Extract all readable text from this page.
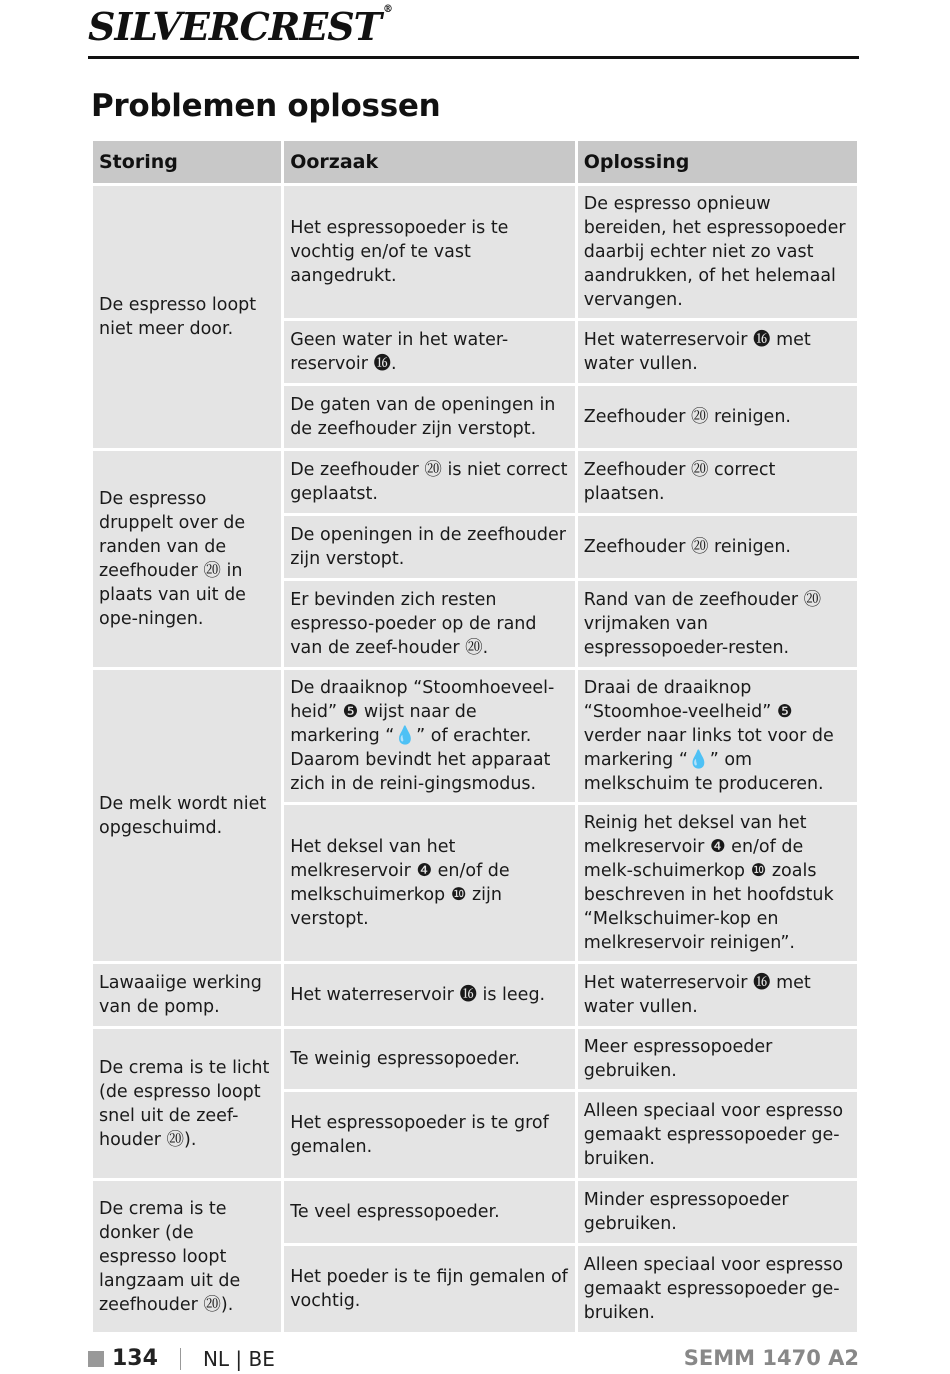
SILVERCREST ®
Problemen oplossen
Storing	Oorzaak	Oplossing
De espresso loopt niet meer door.	Het espressopoeder is te vochtig en/of te vast aangedrukt.	De espresso opnieuw bereiden, het espressopoeder daarbij echter niet zo vast aandrukken, of het helemaal vervangen.
	Geen water in het water-reservoir ⓰.	Het waterreservoir ⓰ met water vullen.
	De gaten van de openingen in de zeefhouder zijn verstopt.	Zeefhouder ⑳ reinigen.
De espresso druppelt over de randen van de zeefhouder ⑳ in plaats van uit de ope-ningen.	De zeefhouder ⑳ is niet correct geplaatst.	Zeefhouder ⑳ correct plaatsen.
	De openingen in de zeefhouder zijn verstopt.	Zeefhouder ⑳ reinigen.
	Er bevinden zich resten espresso-poeder op de rand van de zeef-houder ⑳.	Rand van de zeefhouder ⑳ vrijmaken van espressopoeder-resten.
De melk wordt niet opgeschuimd.	De draaiknop “Stoomhoeveel-heid” ❺ wijst naar de markering “💧” of erachter. Daarom bevindt het apparaat zich in de reini-gingsmodus.	Draai de draaiknop “Stoomhoe-veelheid” ❺ verder naar links tot voor de markering “💧” om melkschuim te produceren.
	Het deksel van het melkreservoir ❹ en/of de melkschuimerkop ❿ zijn verstopt.	Reinig het deksel van het melkreservoir ❹ en/of de melk-schuimerkop ❿ zoals beschreven in het hoofdstuk “Melkschuimer-kop en melkreservoir reinigen”.
Lawaaiige werking van de pomp.	Het waterreservoir ⓰ is leeg.	Het waterreservoir ⓰ met water vullen.
De crema is te licht (de espresso loopt snel uit de zeef-houder ⑳).	Te weinig espressopoeder.	Meer espressopoeder gebruiken.
	Het espressopoeder is te grof gemalen.	Alleen speciaal voor espresso gemaakt espressopoeder ge-bruiken.
De crema is te donker (de espresso loopt langzaam uit de zeefhouder ⑳).	Te veel espressopoeder.	Minder espressopoeder gebruiken.
	Het poeder is te fijn gemalen of vochtig.	Alleen speciaal voor espresso gemaakt espressopoeder ge-bruiken.
134 NL | BE	SEMM 1470 A2
